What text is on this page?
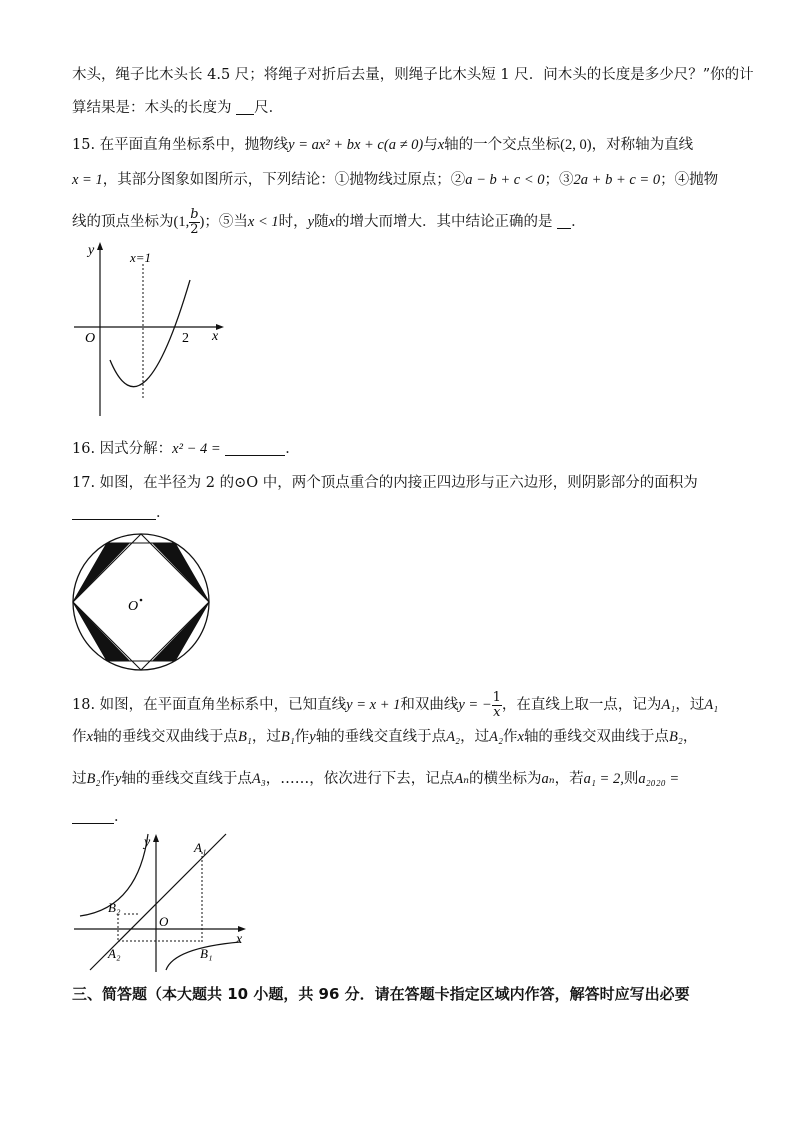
木头，绳子比木头长 4.5 尺；将绳子对折后去量，则绳子比木头短 1 尺．问木头的长度是多少尺？”你的计
算结果是：木头的长度为 尺．
15. 在平面直角坐标系中，抛物线y = ax² + bx + c(a ≠ 0)与x轴的一个交点坐标(2, 0)，对称轴为直线
x = 1，其部分图象如图所示，下列结论：①抛物线过原点；②a − b + c < 0；③2a + b + c = 0；④抛物
线的顶点坐标为(1, $\frac{b}{2}$ )；⑤当x < 1时，y随x的增大而增大．其中结论正确的是 ．
y
x
O
x=1
2
16. 因式分解：x² − 4 =	．
17. 如图，在半径为 2 的⊙O 中，两个顶点重合的内接正四边形与正六边形，则阴影部分的面积为
．
O
18. 如图，在平面直角坐标系中，已知直线y = x + 1和双曲线y = − $\frac{1}{x}$ ，在直线上取一点，记为A₁，过A₁
作x轴的垂线交双曲线于点B₁，过B₁作y轴的垂线交直线于点A₂，过A₂作x轴的垂线交双曲线于点B₂，
过B₂作y轴的垂线交直线于点A₃，……，依次进行下去，记点Aₙ的横坐标为aₙ，若a₁ = 2,则a₂₀₂₀ =
．
y
x
O
A₁
B₁
A₂
B₂
三、简答题（本大题共 10 小题，共 96 分．请在答题卡指定区域内作答，解答时应写出必要
